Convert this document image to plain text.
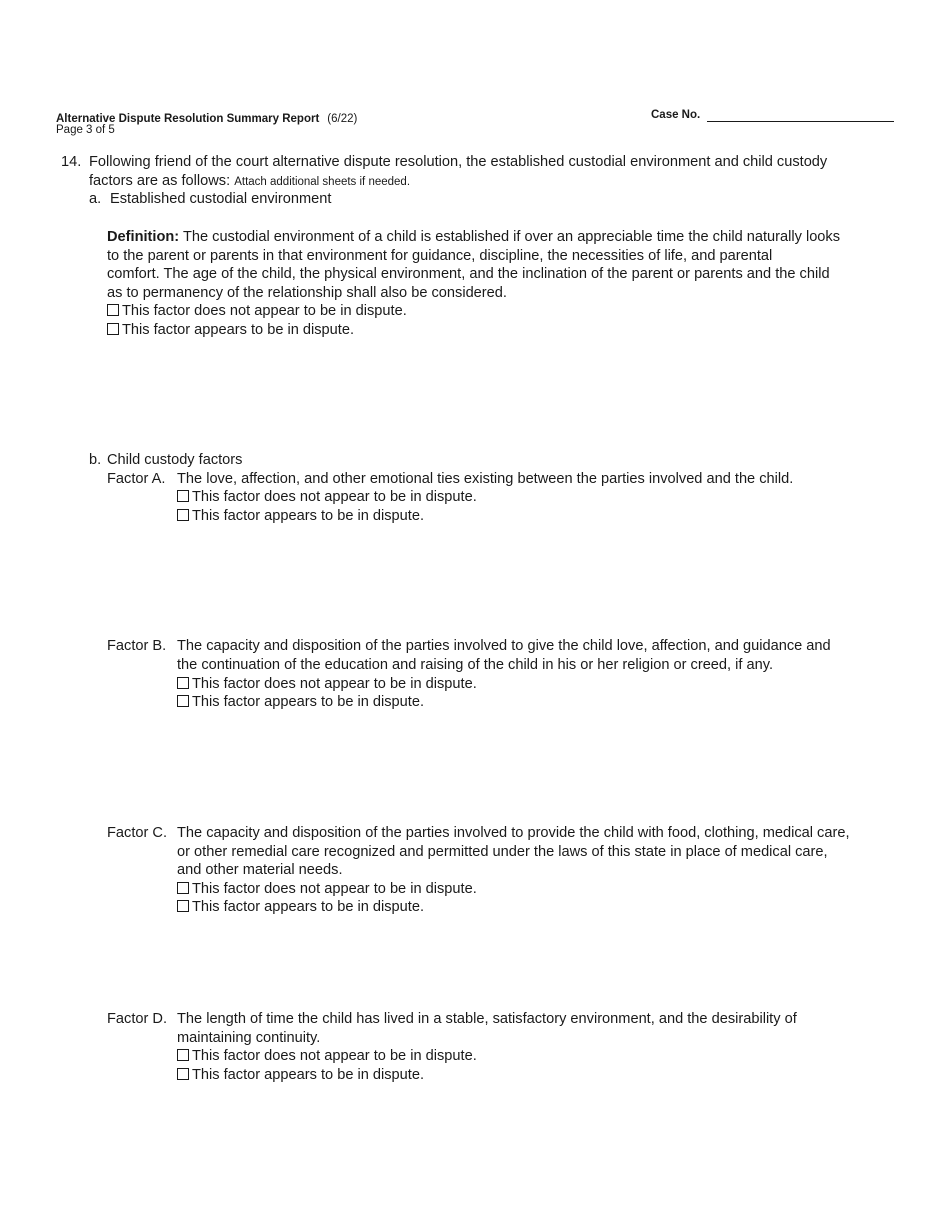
Alternative Dispute Resolution Summary Report (6/22)
Page 3 of 5
Case No.
14. Following friend of the court alternative dispute resolution, the established custodial environment and child custody
factors are as follows: Attach additional sheets if needed.
a. Established custodial environment
Definition: The custodial environment of a child is established if over an appreciable time the child naturally looks
to the parent or parents in that environment for guidance, discipline, the necessities of life, and parental
comfort. The age of the child, the physical environment, and the inclination of the parent or parents and the child
as to permanency of the relationship shall also be considered.
This factor does not appear to be in dispute.
This factor appears to be in dispute.
b. Child custody factors
Factor A. The love, affection, and other emotional ties existing between the parties involved and the child.
This factor does not appear to be in dispute.
This factor appears to be in dispute.
Factor B. The capacity and disposition of the parties involved to give the child love, affection, and guidance and
the continuation of the education and raising of the child in his or her religion or creed, if any.
This factor does not appear to be in dispute.
This factor appears to be in dispute.
Factor C. The capacity and disposition of the parties involved to provide the child with food, clothing, medical care,
or other remedial care recognized and permitted under the laws of this state in place of medical care,
and other material needs.
This factor does not appear to be in dispute.
This factor appears to be in dispute.
Factor D. The length of time the child has lived in a stable, satisfactory environment, and the desirability of
maintaining continuity.
This factor does not appear to be in dispute.
This factor appears to be in dispute.
